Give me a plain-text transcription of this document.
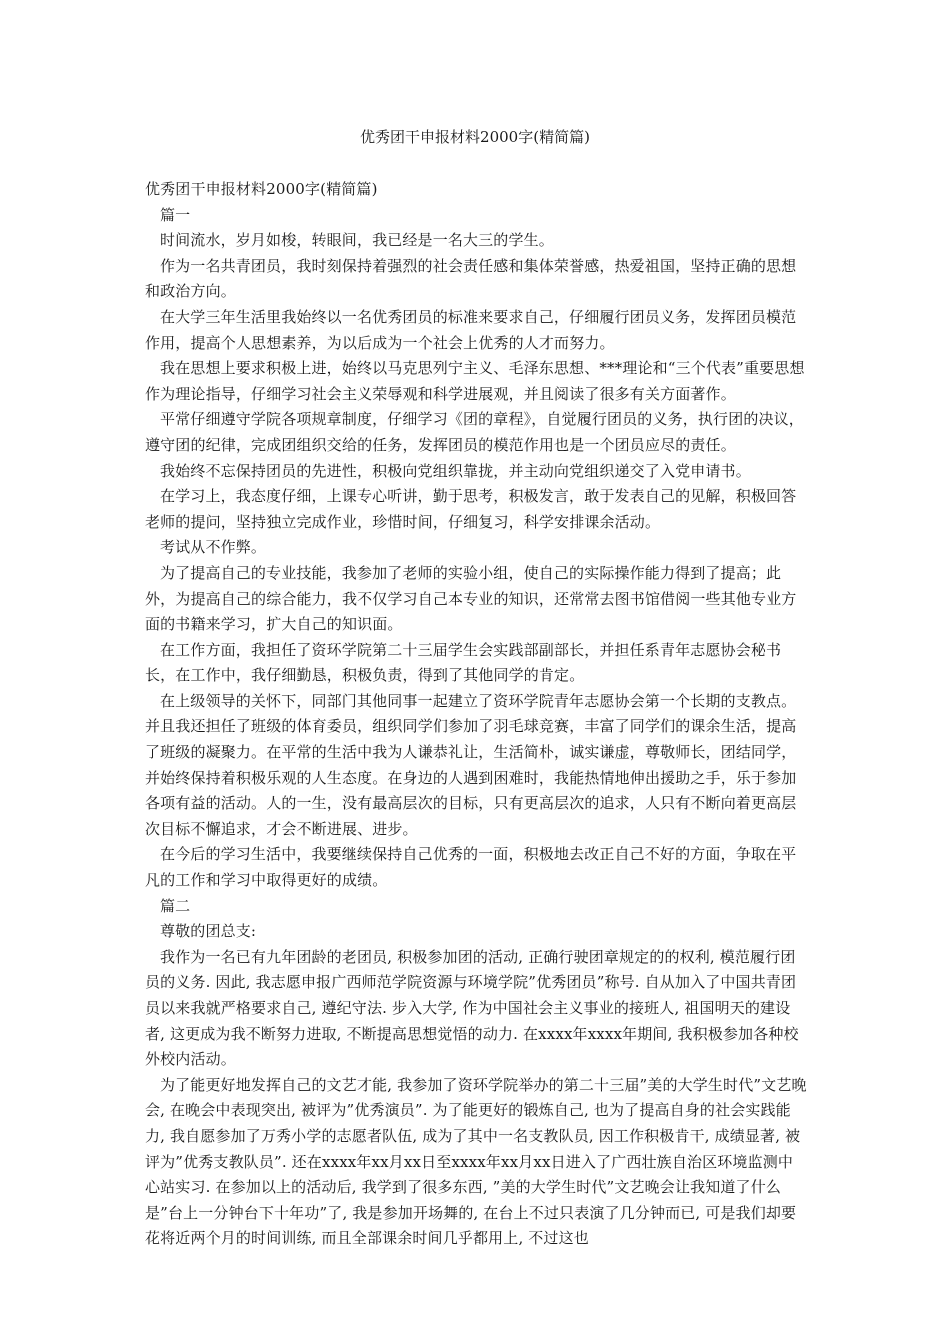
优秀团干申报材料2000字(精简篇)

优秀团干申报材料2000字(精简篇)

篇一

时间流水，岁月如梭，转眼间，我已经是一名大三的学生。

作为一名共青团员，我时刻保持着强烈的社会责任感和集体荣誉感，热爱祖国，坚持正确的思想和政治方向。

在大学三年生活里我始终以一名优秀团员的标准来要求自己，仔细履行团员义务，发挥团员模范作用，提高个人思想素养，为以后成为一个社会上优秀的人才而努力。

我在思想上要求积极上进，始终以马克思列宁主义、毛泽东思想、***理论和“三个代表”重要思想作为理论指导，仔细学习社会主义荣辱观和科学进展观，并且阅读了很多有关方面著作。

平常仔细遵守学院各项规章制度，仔细学习《团的章程》，自觉履行团员的义务，执行团的决议，遵守团的纪律，完成团组织交给的任务，发挥团员的模范作用也是一个团员应尽的责任。

我始终不忘保持团员的先进性，积极向党组织靠拢，并主动向党组织递交了入党申请书。

在学习上，我态度仔细，上课专心听讲，勤于思考，积极发言，敢于发表自己的见解，积极回答老师的提问，坚持独立完成作业，珍惜时间，仔细复习，科学安排课余活动。

考试从不作弊。

为了提高自己的专业技能，我参加了老师的实验小组，使自己的实际操作能力得到了提高；此外，为提高自己的综合能力，我不仅学习自己本专业的知识，还常常去图书馆借阅一些其他专业方面的书籍来学习，扩大自己的知识面。

在工作方面，我担任了资环学院第二十三届学生会实践部副部长，并担任系青年志愿协会秘书长，在工作中，我仔细勤恳，积极负责，得到了其他同学的肯定。

在上级领导的关怀下，同部门其他同事一起建立了资环学院青年志愿协会第一个长期的支教点。并且我还担任了班级的体育委员，组织同学们参加了羽毛球竞赛，丰富了同学们的课余生活，提高了班级的凝聚力。在平常的生活中我为人谦恭礼让，生活简朴，诚实谦虚，尊敬师长，团结同学，并始终保持着积极乐观的人生态度。在身边的人遇到困难时，我能热情地伸出援助之手，乐于参加各项有益的活动。人的一生，没有最高层次的目标，只有更高层次的追求，人只有不断向着更高层次目标不懈追求，才会不断进展、进步。

在今后的学习生活中，我要继续保持自己优秀的一面，积极地去改正自己不好的方面，争取在平凡的工作和学习中取得更好的成绩。

篇二

尊敬的团总支:

我作为一名已有九年团龄的老团员, 积极参加团的活动, 正确行驶团章规定的的权利, 模范履行团员的义务. 因此, 我志愿申报广西师范学院资源与环境学院”优秀团员”称号. 自从加入了中国共青团员以来我就严格要求自己, 遵纪守法. 步入大学, 作为中国社会主义事业的接班人, 祖国明天的建设者, 这更成为我不断努力进取, 不断提高思想觉悟的动力. 在xxxx年xxxx年期间, 我积极参加各种校外校内活动。

为了能更好地发挥自己的文艺才能, 我参加了资环学院举办的第二十三届”美的大学生时代”文艺晚会, 在晚会中表现突出, 被评为”优秀演员”. 为了能更好的锻炼自己, 也为了提高自身的社会实践能力, 我自愿参加了万秀小学的志愿者队伍, 成为了其中一名支教队员, 因工作积极肯干, 成绩显著, 被评为”优秀支教队员”. 还在xxxx年xx月xx日至xxxx年xx月xx日进入了广西壮族自治区环境监测中心站实习. 在参加以上的活动后, 我学到了很多东西, ”美的大学生时代”文艺晚会让我知道了什么是”台上一分钟台下十年功”了, 我是参加开场舞的, 在台上不过只表演了几分钟而已, 可是我们却要花将近两个月的时间训练, 而且全部课余时间几乎都用上, 不过这也
